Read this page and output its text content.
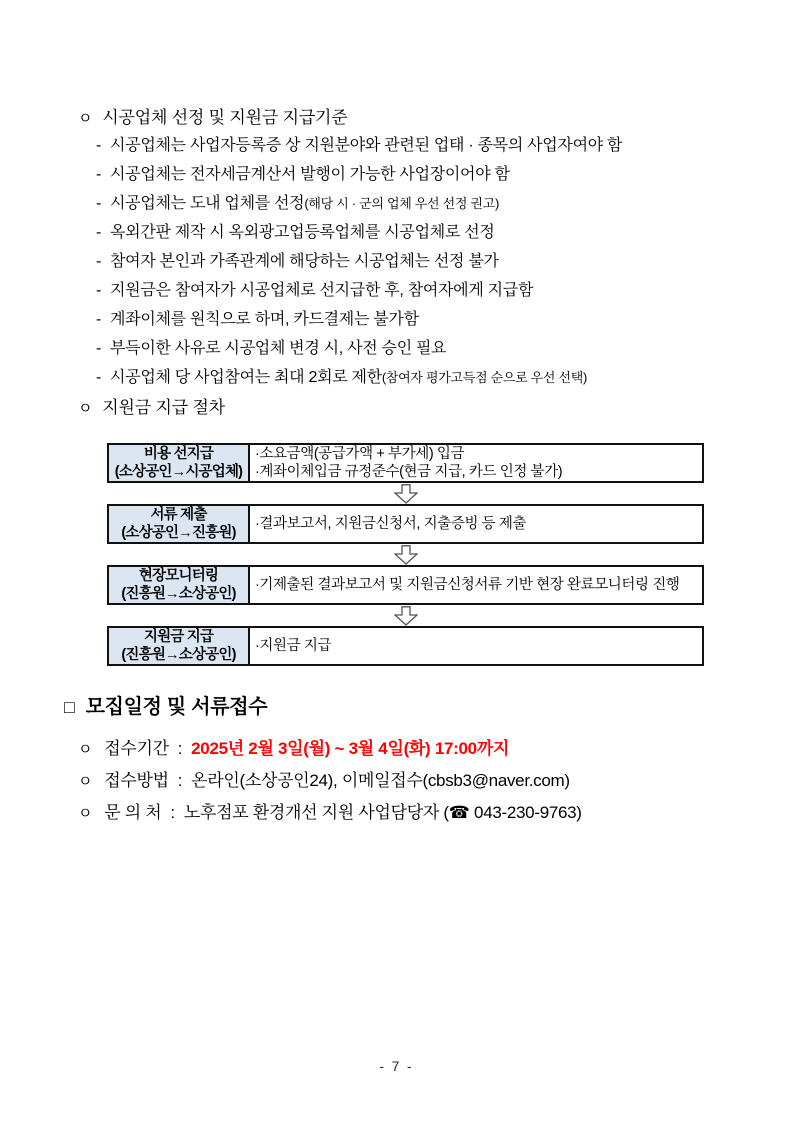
ㅇ 시공업체 선정 및 지원금 지급기준
- 시공업체는 사업자등록증 상 지원분야와 관련된 업태 · 종목의 사업자여야 함
- 시공업체는 전자세금계산서 발행이 가능한 사업장이어야 함
- 시공업체는 도내 업체를 선정 (해당 시 · 군의 업체 우선 선정 권고)
- 옥외간판 제작 시 옥외광고업등록업체를 시공업체로 선정
- 참여자 본인과 가족관계에 해당하는 시공업체는 선정 불가
- 지원금은 참여자가 시공업체로 선지급한 후, 참여자에게 지급함
- 계좌이체를 원칙으로 하며, 카드결제는 불가함
- 부득이한 사유로 시공업체 변경 시, 사전 승인 필요
- 시공업체 당 사업참여는 최대 2회로 제한 (참여자 평가고득점 순으로 우선 선택)
ㅇ 지원금 지급 절차
비용 선지급
(소상공인→시공업체)
·소요금액(공급가액 + 부가세) 입금
·계좌이체입금 규정준수(현금 지급, 카드 인정 불가)
서류 제출
(소상공인→진흥원)
·결과보고서, 지원금신청서, 지출증빙 등 제출
현장모니터링
(진흥원→소상공인)
·기제출된 결과보고서 및 지원금신청서류 기반 현장 완료모니터링 진행
지원금 지급
(진흥원→소상공인)
·지원금 지급
□ 모집일정 및 서류접수
ㅇ 접수기간 : 2025년 2월 3일(월) ~ 3월 4일(화) 17:00까지
ㅇ 접수방법 : 온라인(소상공인24), 이메일접수(cbsb3@naver.com)
ㅇ 문 의 처 : 노후점포 환경개선 지원 사업담당자 (☎ 043-230-9763)
- 7 -
